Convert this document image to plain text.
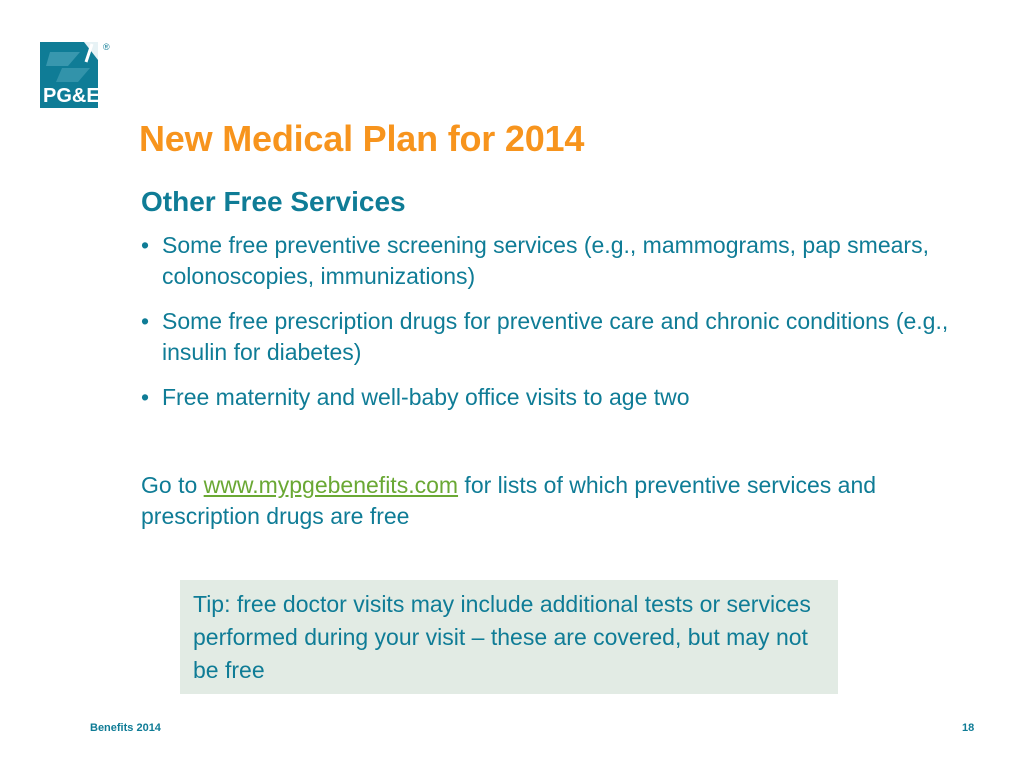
PG&E
®
New Medical Plan for 2014
Other Free Services
• Some free preventive screening services (e.g., mammograms, pap smears, colonoscopies, immunizations)
• Some free prescription drugs for preventive care and chronic conditions (e.g., insulin for diabetes)
• Free maternity and well-baby office visits to age two
Go to www.mypgebenefits.com for lists of which preventive services and prescription drugs are free
Tip: free doctor visits may include additional tests or services performed during your visit – these are covered, but may not be free
Benefits 2014	18
